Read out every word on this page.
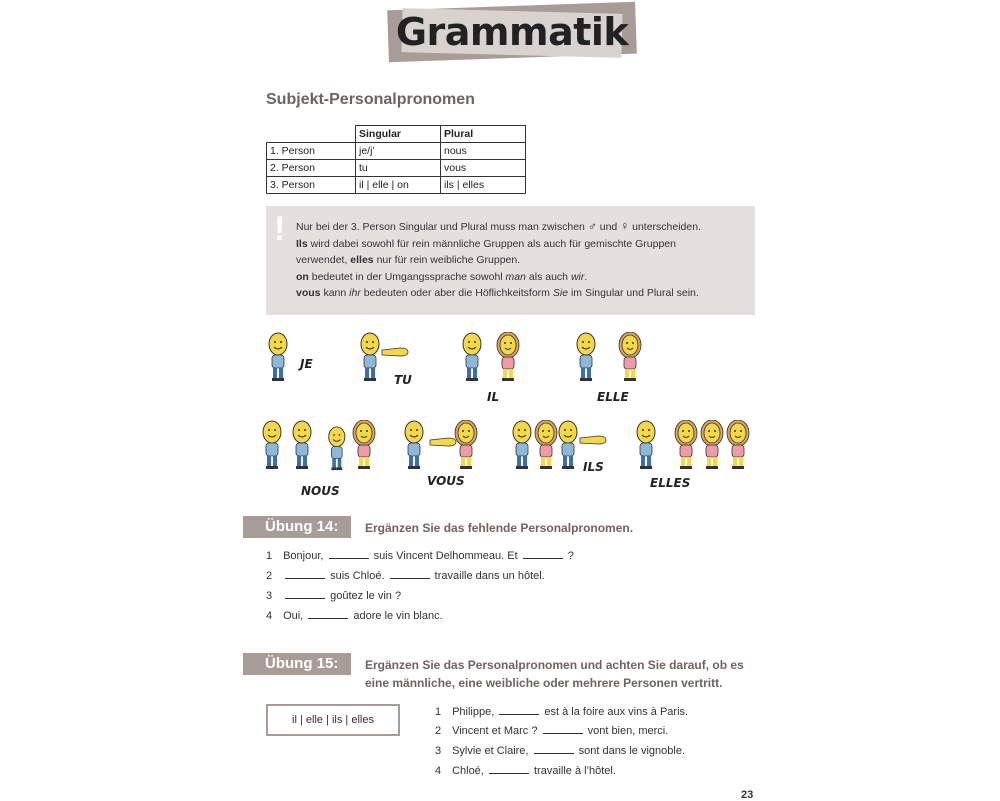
Grammatik
Subjekt-Personalpronomen
	Singular	Plural
1. Person	je/j’	nous
2. Person	tu	vous
3. Person	il | elle | on	ils | elles
! Nur bei der 3. Person Singular und Plural muss man zwischen ♂ und ♀ unterscheiden.

Ils wird dabei sowohl für rein männliche Gruppen als auch für gemischte Gruppen

verwendet, elles nur für rein weibliche Gruppen.

on bedeutet in der Umgangssprache sowohl man als auch wir.

vous kann ihr bedeuten oder aber die Höflichkeitsform Sie im Singular und Plural sein.

JE
TU
IL	ELLE
NOUS
VOUS
ILS
ELLES
Übung 14:	Ergänzen Sie das fehlende Personalpronomen.
1 Bonjour,	suis Vincent Delhommeau. Et	?
2	suis Chloé.	travaille dans un hôtel.
3	goûtez le vin ?
4 Oui,	adore le vin blanc.
Übung 15:	Ergänzen Sie das Personalpronomen und achten Sie darauf, ob es
eine männliche, eine weibliche oder mehrere Personen vertritt.
il | elle | ils | elles
1 Philippe,	est à la foire aux vins à Paris.
2 Vincent et Marc ?	vont bien, merci.
3 Sylvie et Claire,	sont dans le vignoble.
4 Chloé,	travaille à l’hôtel.
23
